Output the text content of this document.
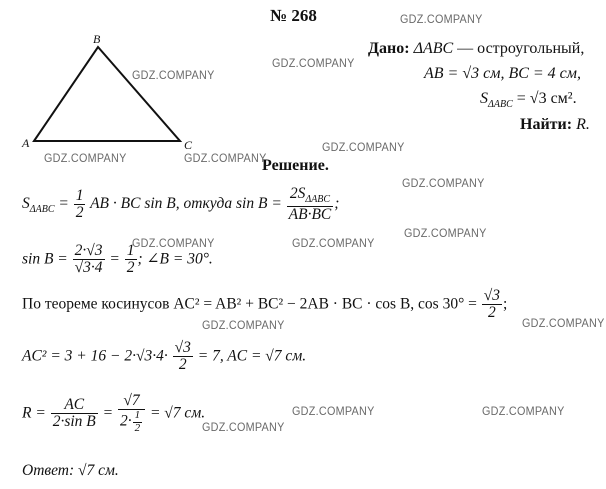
№ 268
B
A	C
Дано: ΔABC — остроугольный,
AB = √3 см, BC = 4 см,
$S_{\Delta ABC} = √3$ см².
Найти: R.
Решение.
$S_{\Delta ABC} = \frac{1}{2}$ AB · BC sin B, откуда $\sin B = \frac{2S_{\Delta ABC}}{AB\cdot BC}$ ;
$\sin B = \frac{2\cdot√3}{√3\cdot 4} = \frac{1}{2}$ ; ∠B = 30°.
По теореме косинусов AC² = AB² + BC² − 2AB · BC · cos B, $\cos 30^\circ = \frac{√3}{2}$ ;
$AC^2 = 3 + 16 - 2\cdot√3\cdot 4\cdot \frac{√3}{2} = 7$, AC = √7 см.
$R = \frac{AC}{\text{2·sin B}} = \frac{√7}{2\cdot \frac{1}{2}} = √7$ см.
Ответ: √7 см.
GDZ.COMPANY
GDZ.COMPANY
GDZ.COMPANY
GDZ.COMPANY
GDZ.COMPANY	GDZ.COMPANY
GDZ.COMPANY
GDZ.COMPANY
GDZ.COMPANY	GDZ.COMPANY
GDZ.COMPANY	GDZ.COMPANY
GDZ.COMPANY	GDZ.COMPANY
GDZ.COMPANY
